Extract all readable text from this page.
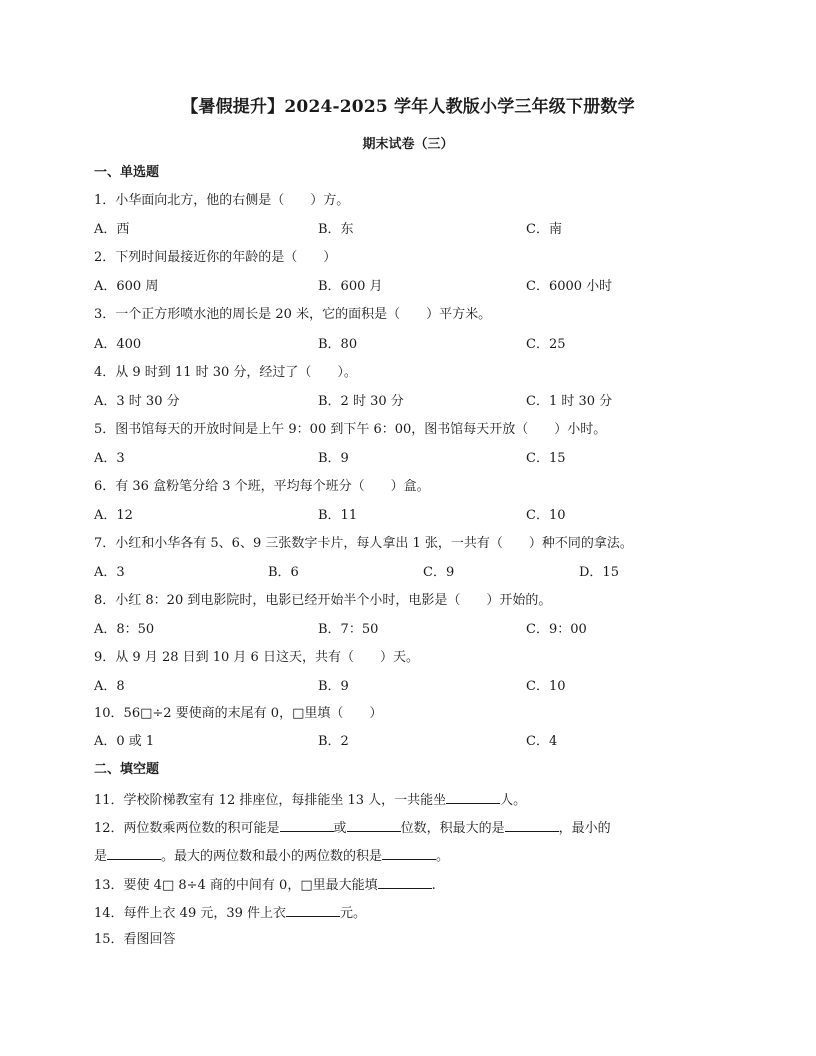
【暑假提升】2024-2025 学年人教版小学三年级下册数学
期末试卷（三）
一、单选题
1．小华面向北方，他的右侧是（　　）方。
A．西	B．东	C．南
2．下列时间最接近你的年龄的是（　　）
A．600 周	B．600 月	C．6000 小时
3．一个正方形喷水池的周长是 20 米，它的面积是（　　）平方米。
A．400	B．80	C．25
4．从 9 时到 11 时 30 分，经过了（　　）。
A．3 时 30 分	B．2 时 30 分	C．1 时 30 分
5．图书馆每天的开放时间是上午 9：00 到下午 6：00，图书馆每天开放（　　）小时。
A．3	B．9	C．15
6．有 36 盒粉笔分给 3 个班，平均每个班分（　　）盒。
A．12	B．11	C．10
7．小红和小华各有 5、6、9 三张数字卡片，每人拿出 1 张，一共有（　　）种不同的拿法。
A．3	B．6	C．9	D．15
8．小红 8：20 到电影院时，电影已经开始半个小时，电影是（　　）开始的。
A．8：50	B．7：50	C．9：00
9．从 9 月 28 日到 10 月 6 日这天，共有（　　）天。
A．8	B．9	C．10
10．56□÷2 要使商的末尾有 0，□里填（　　）
A．0 或 1	B．2	C．4
二、填空题
11．学校阶梯教室有 12 排座位，每排能坐 13 人，一共能坐	人。
12．两位数乘两位数的积可能是	或	位数，积最大的是	，最小的
是	。最大的两位数和最小的两位数的积是	。
13．要使 4□ 8÷4 商的中间有 0，□里最大能填	.
14．每件上衣 49 元，39 件上衣	元。
15．看图回答
